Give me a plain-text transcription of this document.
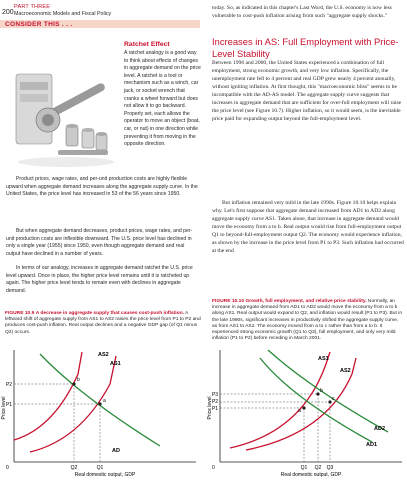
200
PART THREE
Macroeconomic Models and Fiscal Policy
CONSIDER THIS . . .
Ratchet Effect
A ratchet analogy is a good way to think about effects of changes in aggregate demand on the price level. A ratchet is a tool or mechanism such as a winch, car jack, or socket wrench that cranks a wheel forward but does not allow it to go backward. Properly set, each allows the operator to move an object (boat, car, or nut) in one direction while preventing it from moving in the opposite direction.
Product prices, wage rates, and per-unit production costs are highly flexible upward when aggregate demand increases along the aggregate supply curve. In the United States, the price level has increased in 53 of the 56 years since 1950.
But when aggregate demand decreases, product prices, wage rates, and per-unit production costs are inflexible downward. The U.S. price level has declined in only a single year (1955) since 1950, even though aggregate demand and real output have declined in a number of years.
In terms of our analogy, increases in aggregate demand ratchet the U.S. price level upward. Once in place, the higher price level remains until it is ratcheted up again. The higher price level tends to remain even with declines in aggregate demand.
today. So, as indicated in this chapter's Last Word, the U.S. economy is now less vulnerable to cost-push inflation arising from such "aggregate supply shocks."
Increases in AS: Full Employment with Price-Level Stability
Between 1996 and 2000, the United States experienced a combination of full employment, strong economic growth, and very low inflation. Specifically, the unemployment rate fell to 4 percent and real GDP grew nearly 4 percent annually, without igniting inflation. At first thought, this "macroeconomic bliss" seems to be incompatible with the AD-AS model. The aggregate supply curve suggests that increases in aggregate demand that are sufficient for over-full employment will raise the price level (see Figure 10.7). Higher inflation, so it would seem, is the inevitable price paid for expanding output beyond the full-employment level.
But inflation remained very mild in the late 1990s. Figure 10.10 helps explain why. Let's first suppose that aggregate demand increased from AD1 to AD2 along aggregate supply curve AS1. Taken alone, that increase in aggregate demand would move the economy from a to b. Real output would rise from full-employment output Q1 to beyond-full-employment output Q2. The economy would experience inflation, as shown by the increase in the price level from P1 to P3. Such inflation had occurred at the end
FIGURE 10.9 A decrease in aggregate supply that causes cost-push inflation. A leftward shift of aggregate supply from AS1 to AS2 raises the price level from P1 to P2 and produces cost-push inflation. Real output declines and a negative GDP gap (of Q1 minus Q2) occurs.
FIGURE 10.10 Growth, full employment, and relative price stability. Normally, an increase in aggregate demand from AD1 to AD2 would move the economy from a to b along AS1. Real output would expand to Q2, and inflation would result (P1 to P3). But in the late 1990s, significant increases in productivity shifted the aggregate supply curve, as from AS1 to AS2. The economy moved from a to c rather than from a to b. It experienced strong economic growth (Q1 to Q3), full employment, and only very mild inflation (P1 to P2) before receding in March 2001.
Price level
b
a
AS2
AS1
AD
P2
P1
0	Q2	Q1
Real domestic output, GDP
Price level	a
b
c
AS1
AS2
AD2
AD1
P3
P2
P1
0	Q1 Q2 Q3
Real domestic output, GDP
